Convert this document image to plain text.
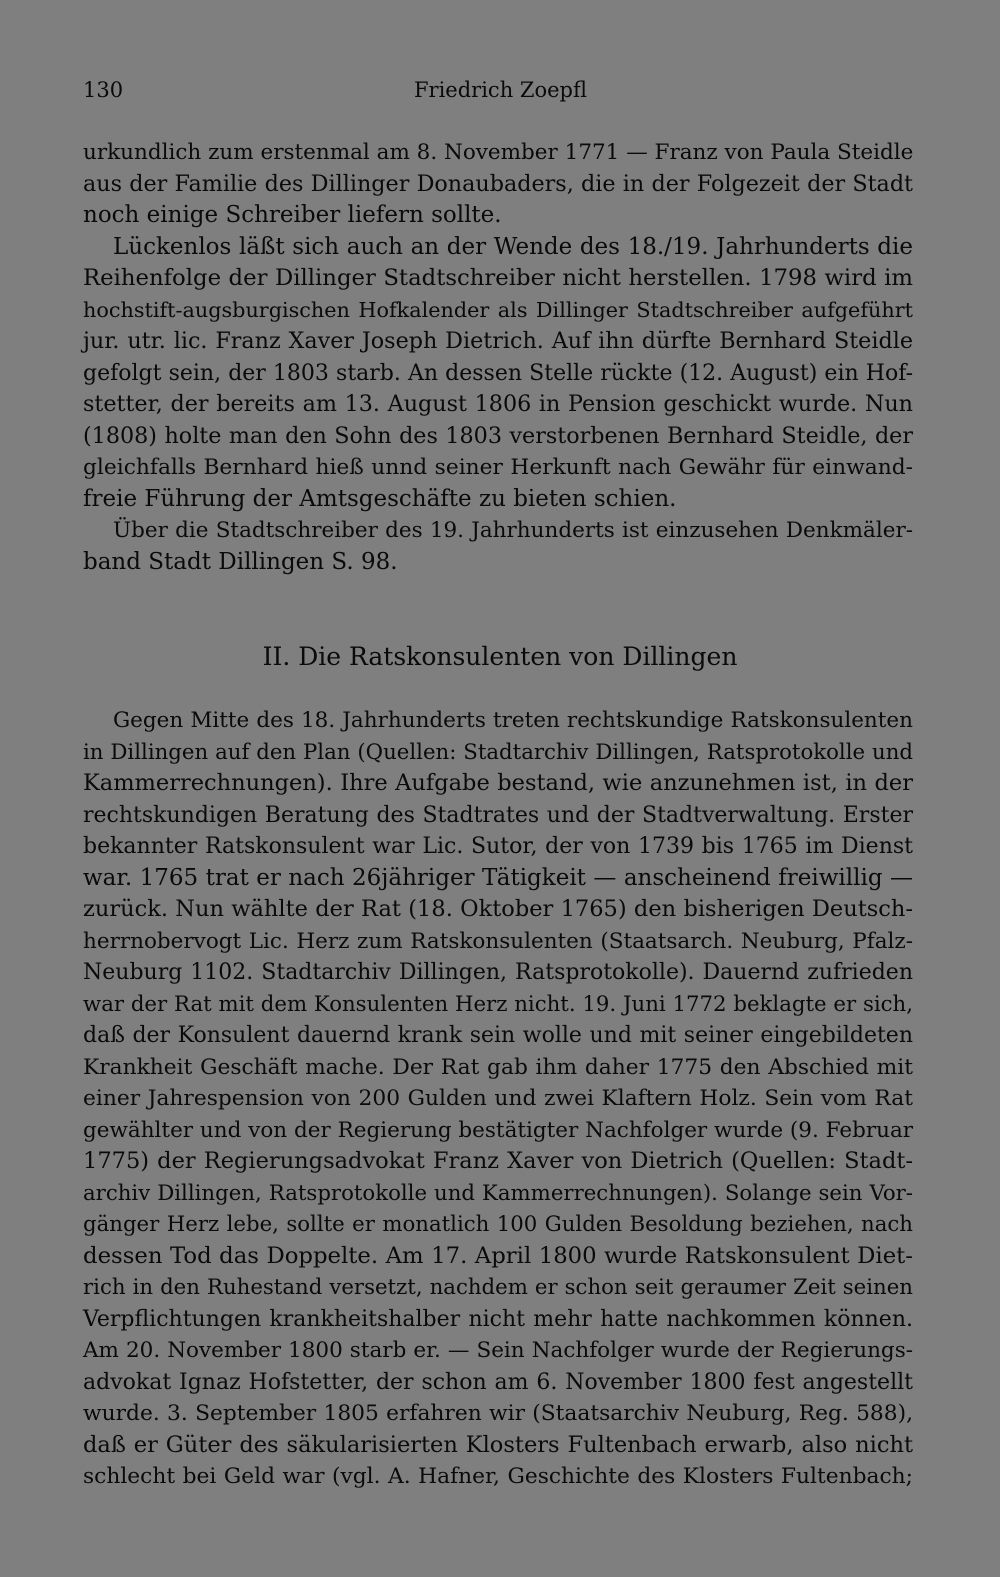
130	Friedrich Zoepfl
urkundlich zum erstenmal am 8. November 1771 — Franz von Paula Steidle
aus der Familie des Dillinger Donaubaders, die in der Folgezeit der Stadt
noch einige Schreiber liefern sollte.
Lückenlos läßt sich auch an der Wende des 18./19. Jahrhunderts die
Reihenfolge der Dillinger Stadtschreiber nicht herstellen. 1798 wird im
hochstift-augsburgischen Hofkalender als Dillinger Stadtschreiber aufgeführt
jur. utr. lic. Franz Xaver Joseph Dietrich. Auf ihn dürfte Bernhard Steidle
gefolgt sein, der 1803 starb. An dessen Stelle rückte (12. August) ein Hof-
stetter, der bereits am 13. August 1806 in Pension geschickt wurde. Nun
(1808) holte man den Sohn des 1803 verstorbenen Bernhard Steidle, der
gleichfalls Bernhard hieß unnd seiner Herkunft nach Gewähr für einwand-
freie Führung der Amtsgeschäfte zu bieten schien.
Über die Stadtschreiber des 19. Jahrhunderts ist einzusehen Denkmäler-
band Stadt Dillingen S. 98.
II. Die Ratskonsulenten von Dillingen
Gegen Mitte des 18. Jahrhunderts treten rechtskundige Ratskonsulenten
in Dillingen auf den Plan (Quellen: Stadtarchiv Dillingen, Ratsprotokolle und
Kammerrechnungen). Ihre Aufgabe bestand, wie anzunehmen ist, in der
rechtskundigen Beratung des Stadtrates und der Stadtverwaltung. Erster
bekannter Ratskonsulent war Lic. Sutor, der von 1739 bis 1765 im Dienst
war. 1765 trat er nach 26jähriger Tätigkeit — anscheinend freiwillig —
zurück. Nun wählte der Rat (18. Oktober 1765) den bisherigen Deutsch-
herrnobervogt Lic. Herz zum Ratskonsulenten (Staatsarch. Neuburg, Pfalz-
Neuburg 1102. Stadtarchiv Dillingen, Ratsprotokolle). Dauernd zufrieden
war der Rat mit dem Konsulenten Herz nicht. 19. Juni 1772 beklagte er sich,
daß der Konsulent dauernd krank sein wolle und mit seiner eingebildeten
Krankheit Geschäft mache. Der Rat gab ihm daher 1775 den Abschied mit
einer Jahrespension von 200 Gulden und zwei Klaftern Holz. Sein vom Rat
gewählter und von der Regierung bestätigter Nachfolger wurde (9. Februar
1775) der Regierungsadvokat Franz Xaver von Dietrich (Quellen: Stadt-
archiv Dillingen, Ratsprotokolle und Kammerrechnungen). Solange sein Vor-
gänger Herz lebe, sollte er monatlich 100 Gulden Besoldung beziehen, nach
dessen Tod das Doppelte. Am 17. April 1800 wurde Ratskonsulent Diet-
rich in den Ruhestand versetzt, nachdem er schon seit geraumer Zeit seinen
Verpflichtungen krankheitshalber nicht mehr hatte nachkommen können.
Am 20. November 1800 starb er. — Sein Nachfolger wurde der Regierungs-
advokat Ignaz Hofstetter, der schon am 6. November 1800 fest angestellt
wurde. 3. September 1805 erfahren wir (Staatsarchiv Neuburg, Reg. 588),
daß er Güter des säkularisierten Klosters Fultenbach erwarb, also nicht
schlecht bei Geld war (vgl. A. Hafner, Geschichte des Klosters Fultenbach;
